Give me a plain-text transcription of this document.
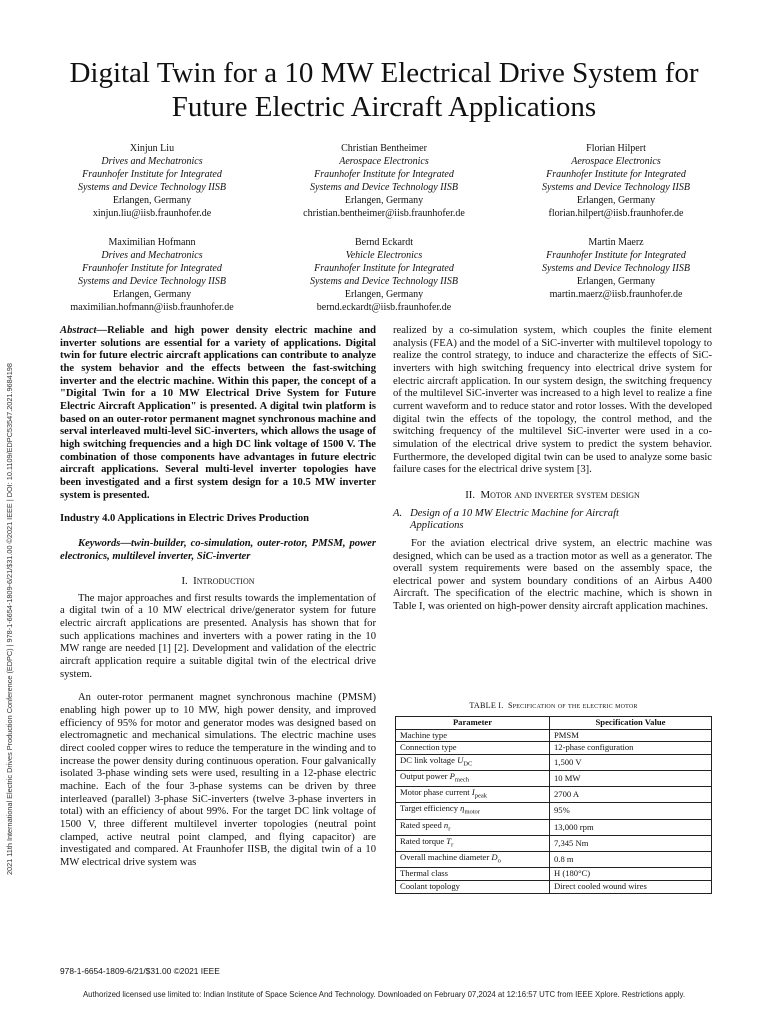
Digital Twin for a 10 MW Electrical Drive System for Future Electric Aircraft Applications
Xinjun Liu
Drives and Mechatronics
Fraunhofer Institute for Integrated
Systems and Device Technology IISB
Erlangen, Germany
xinjun.liu@iisb.fraunhofer.de
Christian Bentheimer
Aerospace Electronics
Fraunhofer Institute for Integrated
Systems and Device Technology IISB
Erlangen, Germany
christian.bentheimer@iisb.fraunhofer.de
Florian Hilpert
Aerospace Electronics
Fraunhofer Institute for Integrated
Systems and Device Technology IISB
Erlangen, Germany
florian.hilpert@iisb.fraunhofer.de
Maximilian Hofmann
Drives and Mechatronics
Fraunhofer Institute for Integrated
Systems and Device Technology IISB
Erlangen, Germany
maximilian.hofmann@iisb.fraunhofer.de
Bernd Eckardt
Vehicle Electronics
Fraunhofer Institute for Integrated
Systems and Device Technology IISB
Erlangen, Germany
bernd.eckardt@iisb.fraunhofer.de
Martin Maerz
Fraunhofer Institute for Integrated
Systems and Device Technology IISB
Erlangen, Germany
martin.maerz@iisb.fraunhofer.de
2021 11th International Electric Drives Production Conference (EDPC) | 978-1-6654-1809-6/21/$31.00 ©2021 IEEE | DOI: 10.1109/EDPC53547.2021.9684198

Abstract—Reliable and high power density electric machine and inverter solutions are essential for a variety of applications. Digital twin for future electric aircraft applications can contribute to analyze the system behavior and the effects between the fast-switching inverter and the electric machine. Within this paper, the concept of a "Digital Twin for a 10 MW Electrical Drive System for Future Electric Aircraft Application" is presented. A digital twin platform is based on an outer-rotor permanent magnet synchronous machine and serval interleaved multi-level SiC-inverters, which allows the usage of high switching frequencies and a high DC link voltage of 1500 V. The combination of those components have advantages in future electric aircraft applications. Several multi-level inverter topologies have been investigated and a first system design for a 10.5 MW inverter system is presented.

Industry 4.0 Applications in Electric Drives Production

Keywords—twin-builder, co-simulation, outer-rotor, PMSM, power electronics, multilevel inverter, SiC-inverter

I. Introduction

The major approaches and first results towards the implementation of a digital twin of a 10 MW electrical drive/generator system for future electric aircraft applications are presented. Analysis has shown that for such applications machines and inverters with a power rating in the 10 MW range are needed [1] [2]. Development and validation of the electric aircraft application require a suitable digital twin of the electrical drive system.

An outer-rotor permanent magnet synchronous machine (PMSM) enabling high power up to 10 MW, high power density, and improved efficiency of 95% for motor and generator modes was designed based on electromagnetic and mechanical simulations. The electric machine uses direct cooled copper wires to reduce the temperature in the winding and to increase the power density during continuous operation. Four galvanically isolated 3-phase winding sets were used, resulting in a 12-phase electric machine. Each of the four 3-phase systems can be driven by three interleaved (parallel) 3-phase SiC-inverters (twelve 3-phase inverters in total) with an efficiency of about 99%. For the target DC link voltage of 1500 V, three different multilevel inverter topologies (neutral point clamped, active neutral point clamped, and flying capacitor) are investigated and compared. At Fraunhofer IISB, the digital twin of a 10 MW electrical drive system was

realized by a co-simulation system, which couples the finite element analysis (FEA) and the model of a SiC-inverter with multilevel topology to realize the control strategy, to induce and characterize the effects of SiC-inverters with high switching frequency into electrical drive system for electric aircraft application. In our system design, the switching frequency of the multilevel SiC-inverter was increased to a high level to realize a fine current waveform and to reduce stator and rotor losses. With the developed digital twin the effects of the topology, the control method, and the switching frequency of the multilevel SiC-inverter were used in a co-simulation of the electrical drive system to predict the system behavior. Furthermore, the developed digital twin can be used to analyze some basic failure cases for the electrical drive system [3].

II. Motor and inverter system design

A. Design of a 10 MW Electric Machine for Aircraft

Applications

For the aviation electrical drive system, an electric machine was designed, which can be used as a traction motor as well as a generator. The overall system requirements were based on the assembly space, the electrical power and system boundary conditions of an Airbus A400 Aircraft. The specification of the electric machine, which is shown in Table I, was oriented on high-power density aircraft application machines.

TABLE I. Specification of the electric motor
Parameter	Specification Value
Machine type	PMSM
Connection type	12-phase configuration
DC link voltage $U_{DC}$	1,500 V
Output power $P_{mech}$	10 MW
Motor phase current $I_{peak}$	2700 A
Target efficiency $\eta_{motor}$	95%
Rated speed $n_r$	13,000 rpm
Rated torque $T_r$	7,345 Nm
Overall machine diameter $D_o$	0.8 m
Thermal class	H (180°C)
Coolant topology	Direct cooled wound wires
978-1-6654-1809-6/21/$31.00 ©2021 IEEE
Authorized licensed use limited to: Indian Institute of Space Science And Technology. Downloaded on February 07,2024 at 12:16:57 UTC from IEEE Xplore. Restrictions apply.
